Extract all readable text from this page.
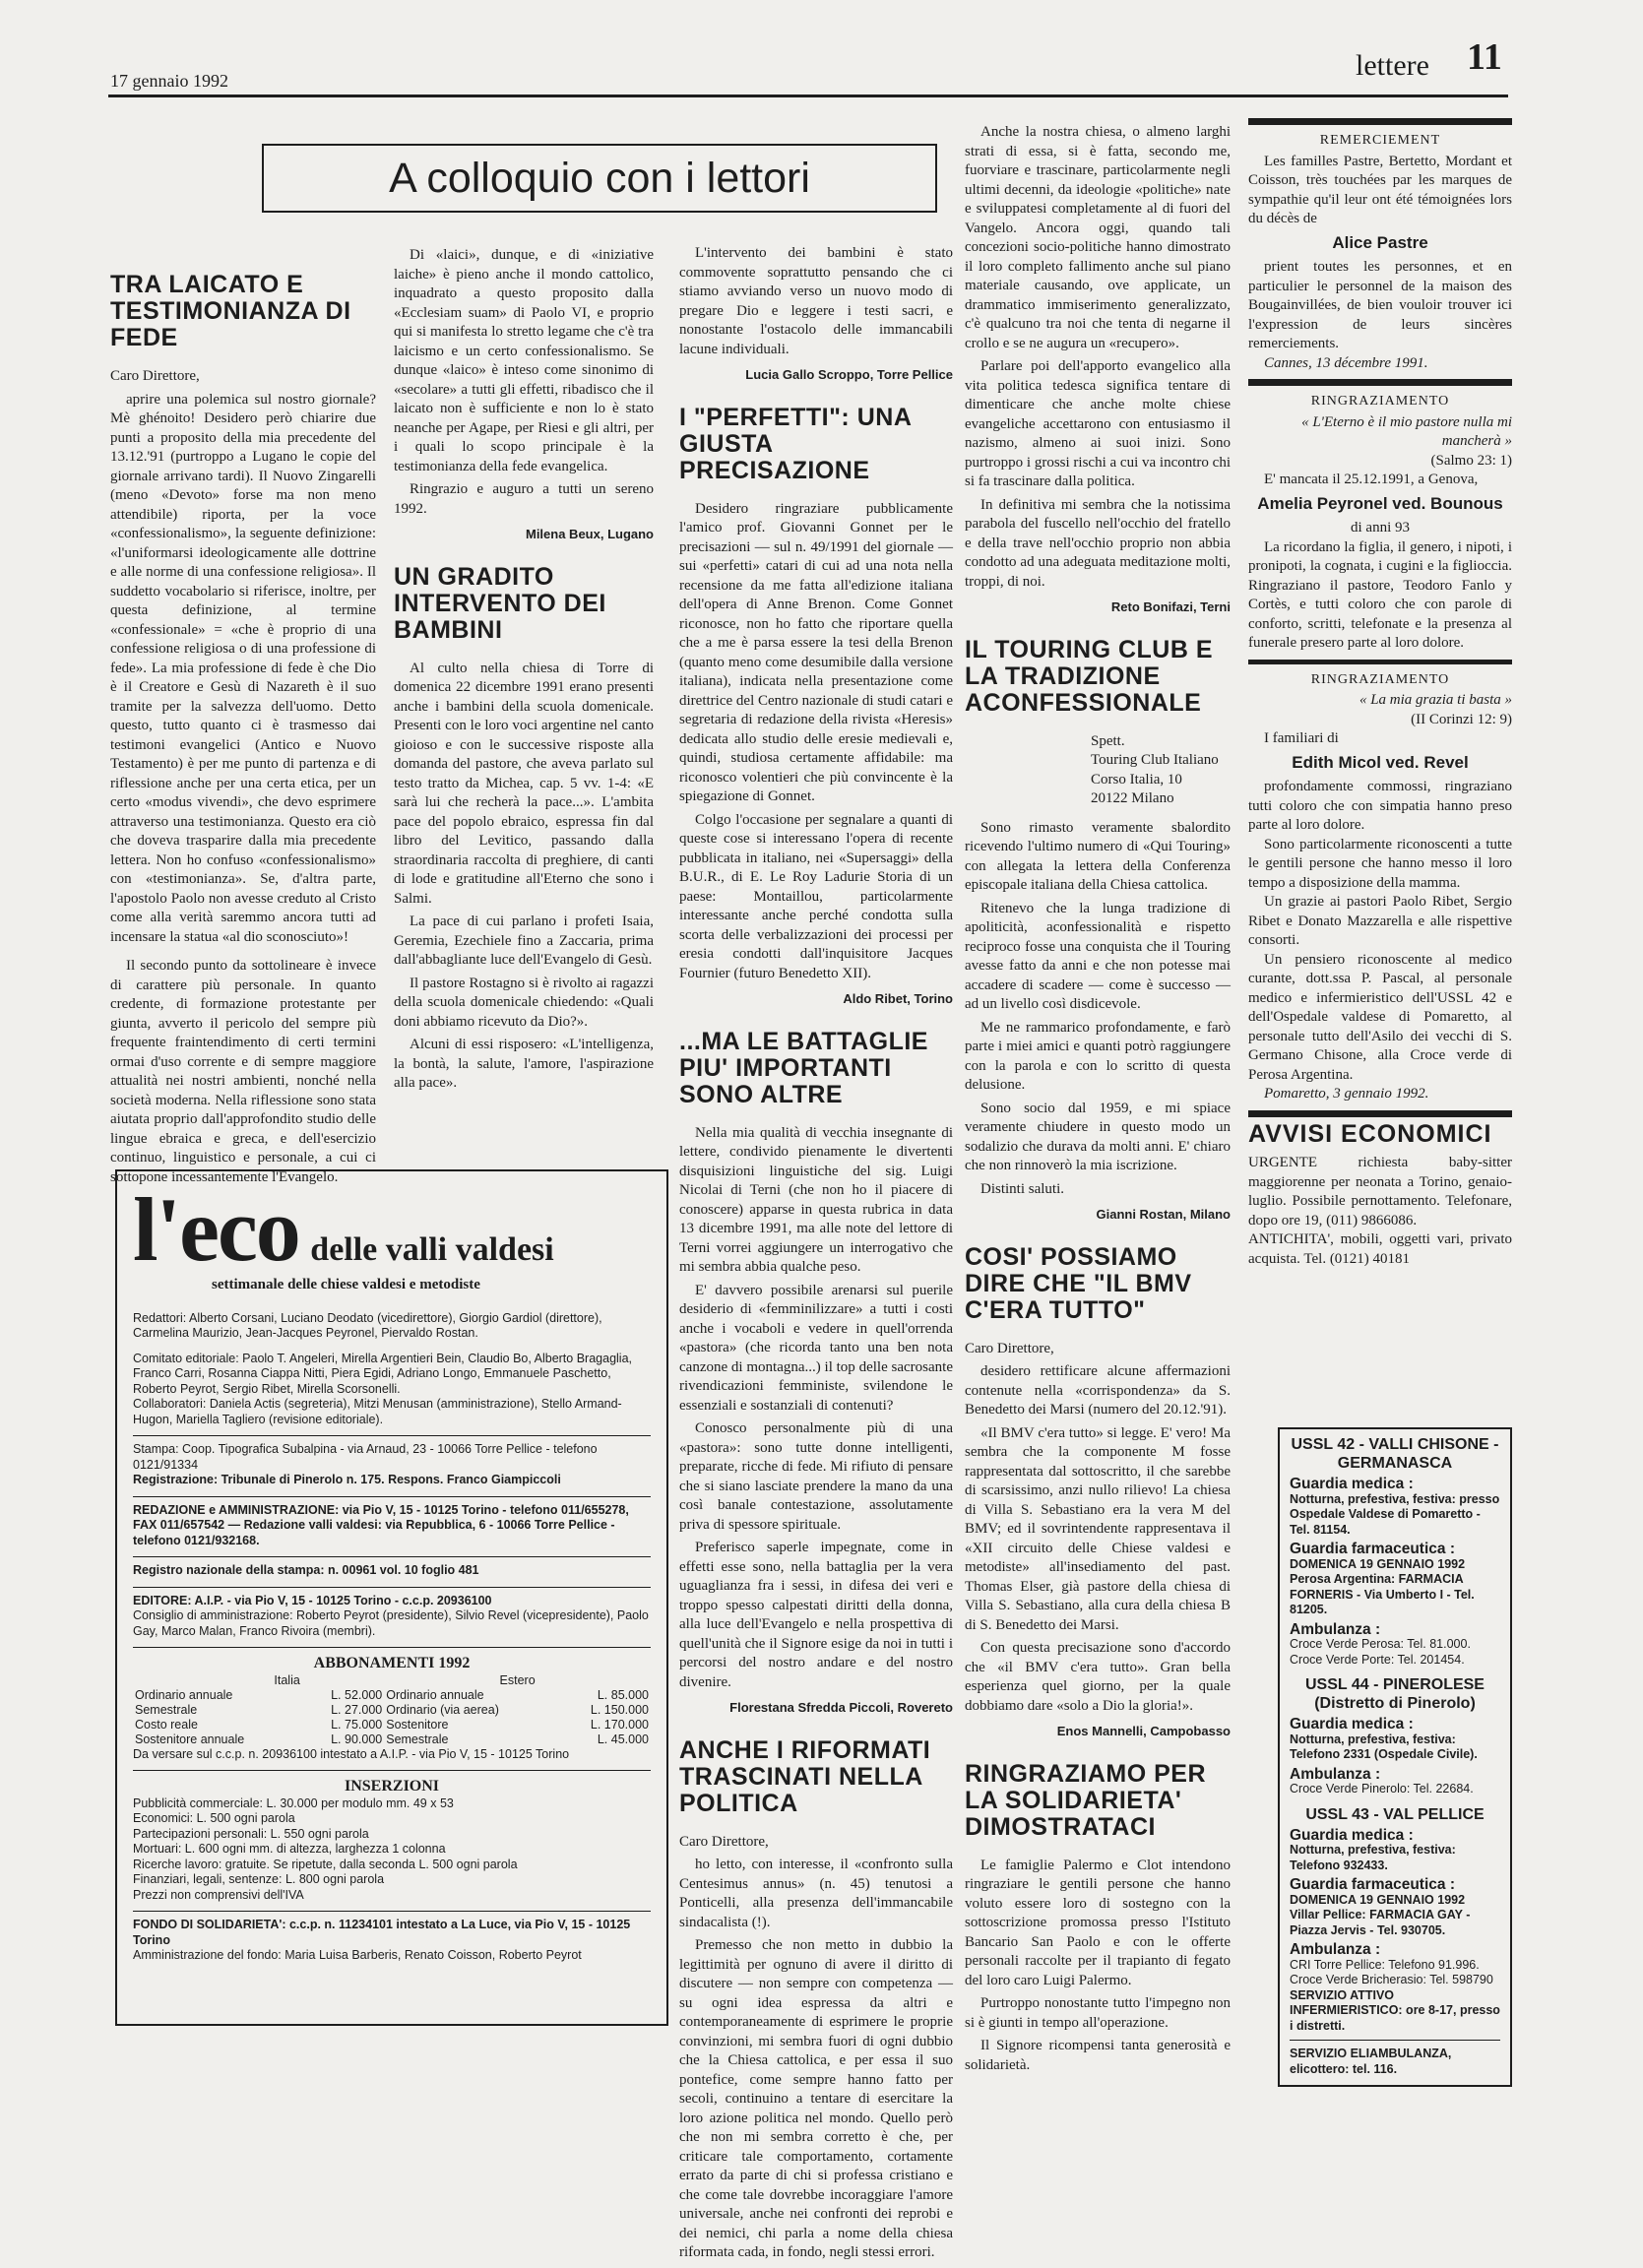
17 gennaio 1992	lettere 11
A colloquio con i lettori
TRA LAICATO E TESTIMONIANZA DI FEDE

Caro Direttore,

aprire una polemica sul nostro giornale? Mè ghénoito! Desidero però chiarire due punti a proposito della mia precedente del 13.12.'91 (purtroppo a Lugano le copie del giornale arrivano tardi). Il Nuovo Zingarelli (meno «Devoto» forse ma non meno attendibile) riporta, per la voce «confessionalismo», la seguente definizione: «l'uniformarsi ideologicamente alle dottrine e alle norme di una confessione religiosa». Il suddetto vocabolario si riferisce, inoltre, per questa definizione, al termine «confessionale» = «che è proprio di una confessione religiosa o di una professione di fede». La mia professione di fede è che Dio è il Creatore e Gesù di Nazareth è il suo tramite per la salvezza dell'uomo. Detto questo, tutto quanto ci è trasmesso dai testimoni evangelici (Antico e Nuovo Testamento) è per me punto di partenza e di riflessione anche per una certa etica, per un certo «modus vivendi», che devo esprimere attraverso una testimonianza. Questo era ciò che doveva trasparire dalla mia precedente lettera. Non ho confuso «confessionalismo» con «testimonianza». Se, d'altra parte, l'apostolo Paolo non avesse creduto al Cristo come alla verità saremmo ancora tutti ad incensare la statua «al dio sconosciuto»!

Il secondo punto da sottolineare è invece di carattere più personale. In quanto credente, di formazione protestante per giunta, avverto il pericolo del sempre più frequente fraintendimento di certi termini ormai d'uso corrente e di sempre maggiore attualità nei nostri ambienti, nonché nella società moderna. Nella riflessione sono stata aiutata proprio dall'approfondito studio delle lingue ebraica e greca, e dell'esercizio continuo, linguistico e personale, a cui ci sottopone incessantemente l'Evangelo.

Di «laici», dunque, e di «iniziative laiche» è pieno anche il mondo cattolico, inquadrato a questo proposito dalla «Ecclesiam suam» di Paolo VI, e proprio qui si manifesta lo stretto legame che c'è tra laicismo e un certo confessionalismo. Se dunque «laico» è inteso come sinonimo di «secolare» a tutti gli effetti, ribadisco che il laicato non è sufficiente e non lo è stato neanche per Agape, per Riesi e gli altri, per i quali lo scopo principale è la testimonianza della fede evangelica.

Ringrazio e auguro a tutti un sereno 1992.

Milena Beux, Lugano

UN GRADITO INTERVENTO DEI BAMBINI

Al culto nella chiesa di Torre di domenica 22 dicembre 1991 erano presenti anche i bambini della scuola domenicale. Presenti con le loro voci argentine nel canto gioioso e con le successive risposte alla domanda del pastore, che aveva parlato sul testo tratto da Michea, cap. 5 vv. 1-4: «E sarà lui che recherà la pace...». L'ambita pace del popolo ebraico, espressa fin dal libro del Levitico, passando dalla straordinaria raccolta di preghiere, di canti di lode e gratitudine all'Eterno che sono i Salmi.

La pace di cui parlano i profeti Isaia, Geremia, Ezechiele fino a Zaccaria, prima dall'abbagliante luce dell'Evangelo di Gesù.

Il pastore Rostagno si è rivolto ai ragazzi della scuola domenicale chiedendo: «Quali doni abbiamo ricevuto da Dio?».

Alcuni di essi risposero: «L'intelligenza, la bontà, la salute, l'amore, l'aspirazione alla pace».

L'intervento dei bambini è stato commovente soprattutto pensando che ci stiamo avviando verso un nuovo modo di pregare Dio e leggere i testi sacri, e nonostante l'ostacolo delle immancabili lacune individuali.

Lucia Gallo Scroppo, Torre Pellice

I "PERFETTI": UNA GIUSTA PRECISAZIONE

Desidero ringraziare pubblicamente l'amico prof. Giovanni Gonnet per le precisazioni — sul n. 49/1991 del giornale — sui «perfetti» catari di cui ad una nota nella recensione da me fatta all'edizione italiana dell'opera di Anne Brenon. Come Gonnet riconosce, non ho fatto che riportare quella che a me è parsa essere la tesi della Brenon (quanto meno come desumibile dalla versione italiana), indicata nella presentazione come direttrice del Centro nazionale di studi catari e segretaria di redazione della rivista «Heresis» dedicata allo studio delle eresie medievali e, quindi, studiosa certamente affidabile: ma riconosco volentieri che più convincente è la spiegazione di Gonnet.

Colgo l'occasione per segnalare a quanti di queste cose si interessano l'opera di recente pubblicata in italiano, nei «Supersaggi» della B.U.R., di E. Le Roy Ladurie Storia di un paese: Montaillou, particolarmente interessante anche perché condotta sulla scorta delle verbalizzazioni dei processi per eresia condotti dall'inquisitore Jacques Fournier (futuro Benedetto XII).

Aldo Ribet, Torino

...MA LE BATTAGLIE PIU' IMPORTANTI SONO ALTRE

Nella mia qualità di vecchia insegnante di lettere, condivido pienamente le divertenti disquisizioni linguistiche del sig. Luigi Nicolai di Terni (che non ho il piacere di conoscere) apparse in questa rubrica in data 13 dicembre 1991, ma alle note del lettore di Terni vorrei aggiungere un interrogativo che mi sembra abbia qualche peso.

E' davvero possibile arenarsi sul puerile desiderio di «femminilizzare» a tutti i costi anche i vocaboli e vedere in quell'orrenda «pastora» (che ricorda tanto una ben nota canzone di montagna...) il top delle sacrosante rivendicazioni femministe, svilendone le essenziali e sostanziali di contenuti?

Conosco personalmente più di una «pastora»: sono tutte donne intelligenti, preparate, ricche di fede. Mi rifiuto di pensare che si siano lasciate prendere la mano da una così banale contestazione, assolutamente priva di spessore spirituale.

Preferisco saperle impegnate, come in effetti esse sono, nella battaglia per la vera uguaglianza fra i sessi, in difesa dei veri e troppo spesso calpestati diritti della donna, alla luce dell'Evangelo e nella prospettiva di quell'unità che il Signore esige da noi in tutti i percorsi del nostro andare e del nostro divenire.

Florestana Sfredda Piccoli, Rovereto

ANCHE I RIFORMATI TRASCINATI NELLA POLITICA

Caro Direttore,

ho letto, con interesse, il «confronto sulla Centesimus annus» (n. 45) tenutosi a Ponticelli, alla presenza dell'immancabile sindacalista (!).

Premesso che non metto in dubbio la legittimità per ognuno di avere il diritto di discutere — non sempre con competenza — su ogni idea espressa da altri e contemporaneamente di esprimere le proprie convinzioni, mi sembra fuori di ogni dubbio che la Chiesa cattolica, e per essa il suo pontefice, come sempre hanno fatto per secoli, continuino a tentare di esercitare la loro azione politica nel mondo. Quello però che non mi sembra corretto è che, per criticare tale comportamento, cortamente errato da parte di chi si professa cristiano e che come tale dovrebbe incoraggiare l'amore universale, anche nei confronti dei reprobi e dei nemici, chi parla a nome della chiesa riformata cada, in fondo, negli stessi errori.

Anche la nostra chiesa, o almeno larghi strati di essa, si è fatta, secondo me, fuorviare e trascinare, particolarmente negli ultimi decenni, da ideologie «politiche» nate e sviluppatesi completamente al di fuori del Vangelo. Ancora oggi, quando tali concezioni socio-politiche hanno dimostrato il loro completo fallimento anche sul piano materiale causando, ove applicate, un drammatico immiserimento generalizzato, c'è qualcuno tra noi che tenta di negarne il crollo e se ne augura un «recupero».

Parlare poi dell'apporto evangelico alla vita politica tedesca significa tentare di dimenticare che anche molte chiese evangeliche accettarono con entusiasmo il nazismo, almeno ai suoi inizi. Sono purtroppo i grossi rischi a cui va incontro chi si fa trascinare dalla politica.

In definitiva mi sembra che la notissima parabola del fuscello nell'occhio del fratello e della trave nell'occhio proprio non abbia condotto ad una adeguata meditazione molti, troppi, di noi.

Reto Bonifazi, Terni

IL TOURING CLUB E LA TRADIZIONE ACONFESSIONALE
Spett.
Touring Club Italiano
Corso Italia, 10
20122 Milano

Sono rimasto veramente sbalordito ricevendo l'ultimo numero di «Qui Touring» con allegata la lettera della Conferenza episcopale italiana della Chiesa cattolica.

Ritenevo che la lunga tradizione di apoliticità, aconfessionalità e rispetto reciproco fosse una conquista che il Touring avesse fatto da anni e che non potesse mai accadere di scadere — come è successo — ad un livello così disdicevole.

Me ne rammarico profondamente, e farò parte i miei amici e quanti potrò raggiungere con la parola e con lo scritto di questa delusione.

Sono socio dal 1959, e mi spiace veramente chiudere in questo modo un sodalizio che durava da molti anni. E' chiaro che non rinnoverò la mia iscrizione.

Distinti saluti.

Gianni Rostan, Milano

COSI' POSSIAMO DIRE CHE "IL BMV C'ERA TUTTO"

Caro Direttore,

desidero rettificare alcune affermazioni contenute nella «corrispondenza» da S. Benedetto dei Marsi (numero del 20.12.'91).

«Il BMV c'era tutto» si legge. E' vero! Ma sembra che la componente M fosse rappresentata dal sottoscritto, il che sarebbe di scarsissimo, anzi nullo rilievo! La chiesa di Villa S. Sebastiano era la vera M del BMV; ed il sovrintendente rappresentava il «XII circuito delle Chiese valdesi e metodiste» all'insediamento del past. Thomas Elser, già pastore della chiesa di Villa S. Sebastiano, alla cura della chiesa B di S. Benedetto dei Marsi.

Con questa precisazione sono d'accordo che «il BMV c'era tutto». Gran bella esperienza quel giorno, per la quale dobbiamo dare «solo a Dio la gloria!».

Enos Mannelli, Campobasso

RINGRAZIAMO PER LA SOLIDARIETA' DIMOSTRATACI

Le famiglie Palermo e Clot intendono ringraziare le gentili persone che hanno voluto essere loro di sostegno con la sottoscrizione promossa presso l'Istituto Bancario San Paolo e con le offerte personali raccolte per il trapianto di fegato del loro caro Luigi Palermo.

Purtroppo nonostante tutto l'impegno non si è giunti in tempo all'operazione.

Il Signore ricompensi tanta generosità e solidarietà.

l'eco delle valli valdesi
settimanale delle chiese valdesi e metodiste
Redattori: Alberto Corsani, Luciano Deodato (vicedirettore), Giorgio Gardiol (direttore), Carmelina Maurizio, Jean-Jacques Peyronel, Piervaldo Rostan.
Comitato editoriale: Paolo T. Angeleri, Mirella Argentieri Bein, Claudio Bo, Alberto Bragaglia, Franco Carri, Rosanna Ciappa Nitti, Piera Egidi, Adriano Longo, Emmanuele Paschetto, Roberto Peyrot, Sergio Ribet, Mirella Scorsonelli.
Collaboratori: Daniela Actis (segreteria), Mitzi Menusan (amministrazione), Stello Armand-Hugon, Mariella Tagliero (revisione editoriale).
Stampa: Coop. Tipografica Subalpina - via Arnaud, 23 - 10066 Torre Pellice - telefono 0121/91334
Registrazione: Tribunale di Pinerolo n. 175. Respons. Franco Giampiccoli
REDAZIONE e AMMINISTRAZIONE: via Pio V, 15 - 10125 Torino - telefono 011/655278, FAX 011/657542 — Redazione valli valdesi: via Repubblica, 6 - 10066 Torre Pellice - telefono 0121/932168.
Registro nazionale della stampa: n. 00961 vol. 10 foglio 481
EDITORE: A.I.P. - via Pio V, 15 - 10125 Torino - c.c.p. 20936100
Consiglio di amministrazione: Roberto Peyrot (presidente), Silvio Revel (vicepresidente), Paolo Gay, Marco Malan, Franco Rivoira (membri).
ABBONAMENTI 1992
Italia		Estero	
Ordinario annuale	L. 52.000	Ordinario annuale	L. 85.000
Semestrale	L. 27.000	Ordinario (via aerea)	L. 150.000
Costo reale	L. 75.000	Sostenitore	L. 170.000
Sostenitore annuale	L. 90.000	Semestrale	L. 45.000
Da versare sul c.c.p. n. 20936100 intestato a A.I.P. - via Pio V, 15 - 10125 Torino
INSERZIONI
Pubblicità commerciale: L. 30.000 per modulo mm. 49 x 53
Economici: L. 500 ogni parola
Partecipazioni personali: L. 550 ogni parola
Mortuari: L. 600 ogni mm. di altezza, larghezza 1 colonna
Ricerche lavoro: gratuite. Se ripetute, dalla seconda L. 500 ogni parola
Finanziari, legali, sentenze: L. 800 ogni parola
Prezzi non comprensivi dell'IVA
FONDO DI SOLIDARIETA': c.c.p. n. 11234101 intestato a La Luce, via Pio V, 15 - 10125 Torino
Amministrazione del fondo: Maria Luisa Barberis, Renato Coisson, Roberto Peyrot
REMERCIEMENT

Les familles Pastre, Bertetto, Mordant et Coisson, très touchées par les marques de sympathie qu'il leur ont été témoignées lors du décès de

Alice Pastre

prient toutes les personnes, et en particulier le personnel de la maison des Bougainvillées, de bien vouloir trouver ici l'expression de leurs sincères remerciements.

Cannes, 13 décembre 1991.

RINGRAZIAMENTO
« L'Eterno è il mio pastore nulla mi mancherà »
(Salmo 23: 1)

E' mancata il 25.12.1991, a Genova,

Amelia Peyronel ved. Bounous
di anni 93

La ricordano la figlia, il genero, i nipoti, i pronipoti, la cognata, i cugini e la figlioccia. Ringraziano il pastore, Teodoro Fanlo y Cortès, e tutti coloro che con parole di conforto, scritti, telefonate e la presenza al funerale presero parte al loro dolore.

RINGRAZIAMENTO
« La mia grazia ti basta »
(II Corinzi 12: 9)

I familiari di

Edith Micol ved. Revel

profondamente commossi, ringraziano tutti coloro che con simpatia hanno preso parte al loro dolore.

Sono particolarmente riconoscenti a tutte le gentili persone che hanno messo il loro tempo a disposizione della mamma.

Un grazie ai pastori Paolo Ribet, Sergio Ribet e Donato Mazzarella e alle rispettive consorti.

Un pensiero riconoscente al medico curante, dott.ssa P. Pascal, al personale medico e infermieristico dell'USSL 42 e dell'Ospedale valdese di Pomaretto, al personale tutto dell'Asilo dei vecchi di S. Germano Chisone, alla Croce verde di Perosa Argentina.

Pomaretto, 3 gennaio 1992.

AVVISI ECONOMICI

URGENTE richiesta baby-sitter maggiorenne per neonata a Torino, genaio-luglio. Possibile pernottamento. Telefonare, dopo ore 19, (011) 9866086.

ANTICHITA', mobili, oggetti vari, privato acquista. Tel. (0121) 40181

USSL 42 - VALLI CHISONE - GERMANASCA
Guardia medica :
Notturna, prefestiva, festiva: presso Ospedale Valdese di Pomaretto - Tel. 81154.
Guardia farmaceutica :
DOMENICA 19 GENNAIO 1992
Perosa Argentina: FARMACIA FORNERIS - Via Umberto I - Tel. 81205.
Ambulanza :
Croce Verde Perosa: Tel. 81.000.
Croce Verde Porte: Tel. 201454.
USSL 44 - PINEROLESE (Distretto di Pinerolo)
Guardia medica :
Notturna, prefestiva, festiva: Telefono 2331 (Ospedale Civile).
Ambulanza :
Croce Verde Pinerolo: Tel. 22684.
USSL 43 - VAL PELLICE
Guardia medica :
Notturna, prefestiva, festiva: Telefono 932433.
Guardia farmaceutica :
DOMENICA 19 GENNAIO 1992
Villar Pellice: FARMACIA GAY - Piazza Jervis - Tel. 930705.
Ambulanza :
CRI Torre Pellice: Telefono 91.996.
Croce Verde Bricherasio: Tel. 598790
SERVIZIO ATTIVO INFERMIERISTICO: ore 8-17, presso i distretti.
SERVIZIO ELIAMBULANZA, elicottero: tel. 116.
